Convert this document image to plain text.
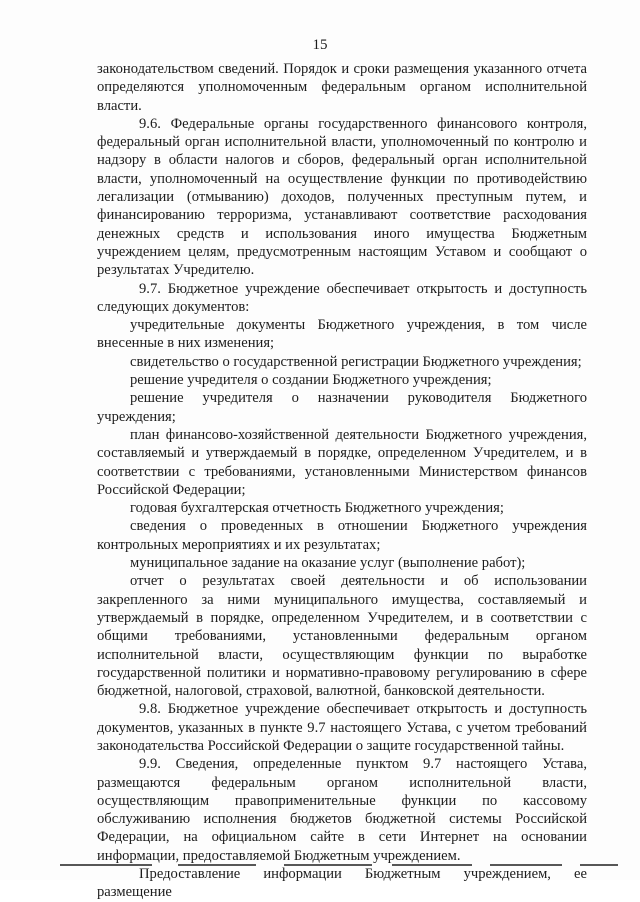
15

законодательством сведений. Порядок и сроки размещения указанного отчета определяются уполномоченным федеральным органом исполнительной власти.

9.6. Федеральные органы государственного финансового контроля, федеральный орган исполнительной власти, уполномоченный по контролю и надзору в области налогов и сборов, федеральный орган исполнительной власти, уполномоченный на осуществление функции по противодействию легализации (отмыванию) доходов, полученных преступным путем, и финансированию терроризма, устанавливают соответствие расходования денежных средств и использования иного имущества Бюджетным учреждением целям, предусмотренным настоящим Уставом и сообщают о результатах Учредителю.

9.7. Бюджетное учреждение обеспечивает открытость и доступность следующих документов:

учредительные документы Бюджетного учреждения, в том числе внесенные в них изменения;

свидетельство о государственной регистрации Бюджетного учреждения;

решение учредителя о создании Бюджетного учреждения;

решение учредителя о назначении руководителя Бюджетного учреждения;

план финансово-хозяйственной деятельности Бюджетного учреждения, составляемый и утверждаемый в порядке, определенном Учредителем, и в соответствии с требованиями, установленными Министерством финансов Российской Федерации;

годовая бухгалтерская отчетность Бюджетного учреждения;

сведения о проведенных в отношении Бюджетного учреждения контрольных мероприятиях и их результатах;

муниципальное задание на оказание услуг (выполнение работ);

отчет о результатах своей деятельности и об использовании закрепленного за ними муниципального имущества, составляемый и утверждаемый в порядке, определенном Учредителем, и в соответствии с общими требованиями, установленными федеральным органом исполнительной власти, осуществляющим функции по выработке государственной политики и нормативно-правовому регулированию в сфере бюджетной, налоговой, страховой, валютной, банковской деятельности.

9.8. Бюджетное учреждение обеспечивает открытость и доступность документов, указанных в пункте 9.7 настоящего Устава, с учетом требований законодательства Российской Федерации о защите государственной тайны.

9.9. Сведения, определенные пунктом 9.7 настоящего Устава, размещаются федеральным органом исполнительной власти, осуществляющим правоприменительные функции по кассовому обслуживанию исполнения бюджетов бюджетной системы Российской Федерации, на официальном сайте в сети Интернет на основании информации, предоставляемой Бюджетным учреждением.

Предоставление информации Бюджетным учреждением, ее размещение
